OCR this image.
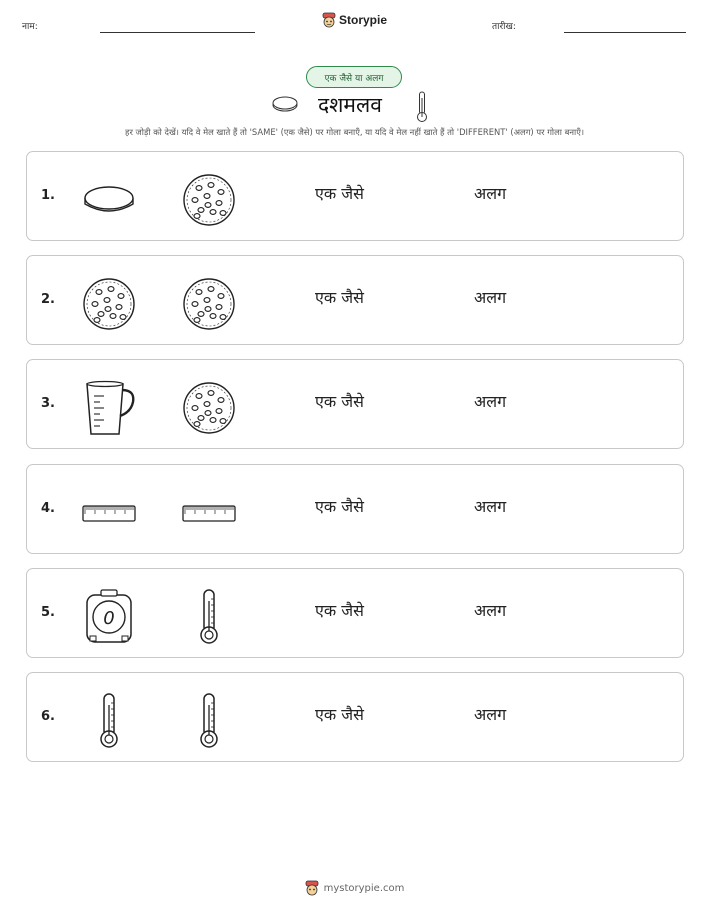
नाम:	Storypie	तारीख:
एक जैसे या अलग
दशमलव
हर जोड़ी को देखें। यदि वे मेल खाते हैं तो 'SAME' (एक जैसे) पर गोला बनाएँ, या यदि वे मेल नहीं खाते हैं तो 'DIFFERENT' (अलग) पर गोला बनाएँ।
1.	एक जैसे	अलग
2.	एक जैसे	अलग
3.	एक जैसे	अलग
4.	एक जैसे	अलग
5.	0	एक जैसे	अलग
6.	एक जैसे	अलग
mystorypie.com
